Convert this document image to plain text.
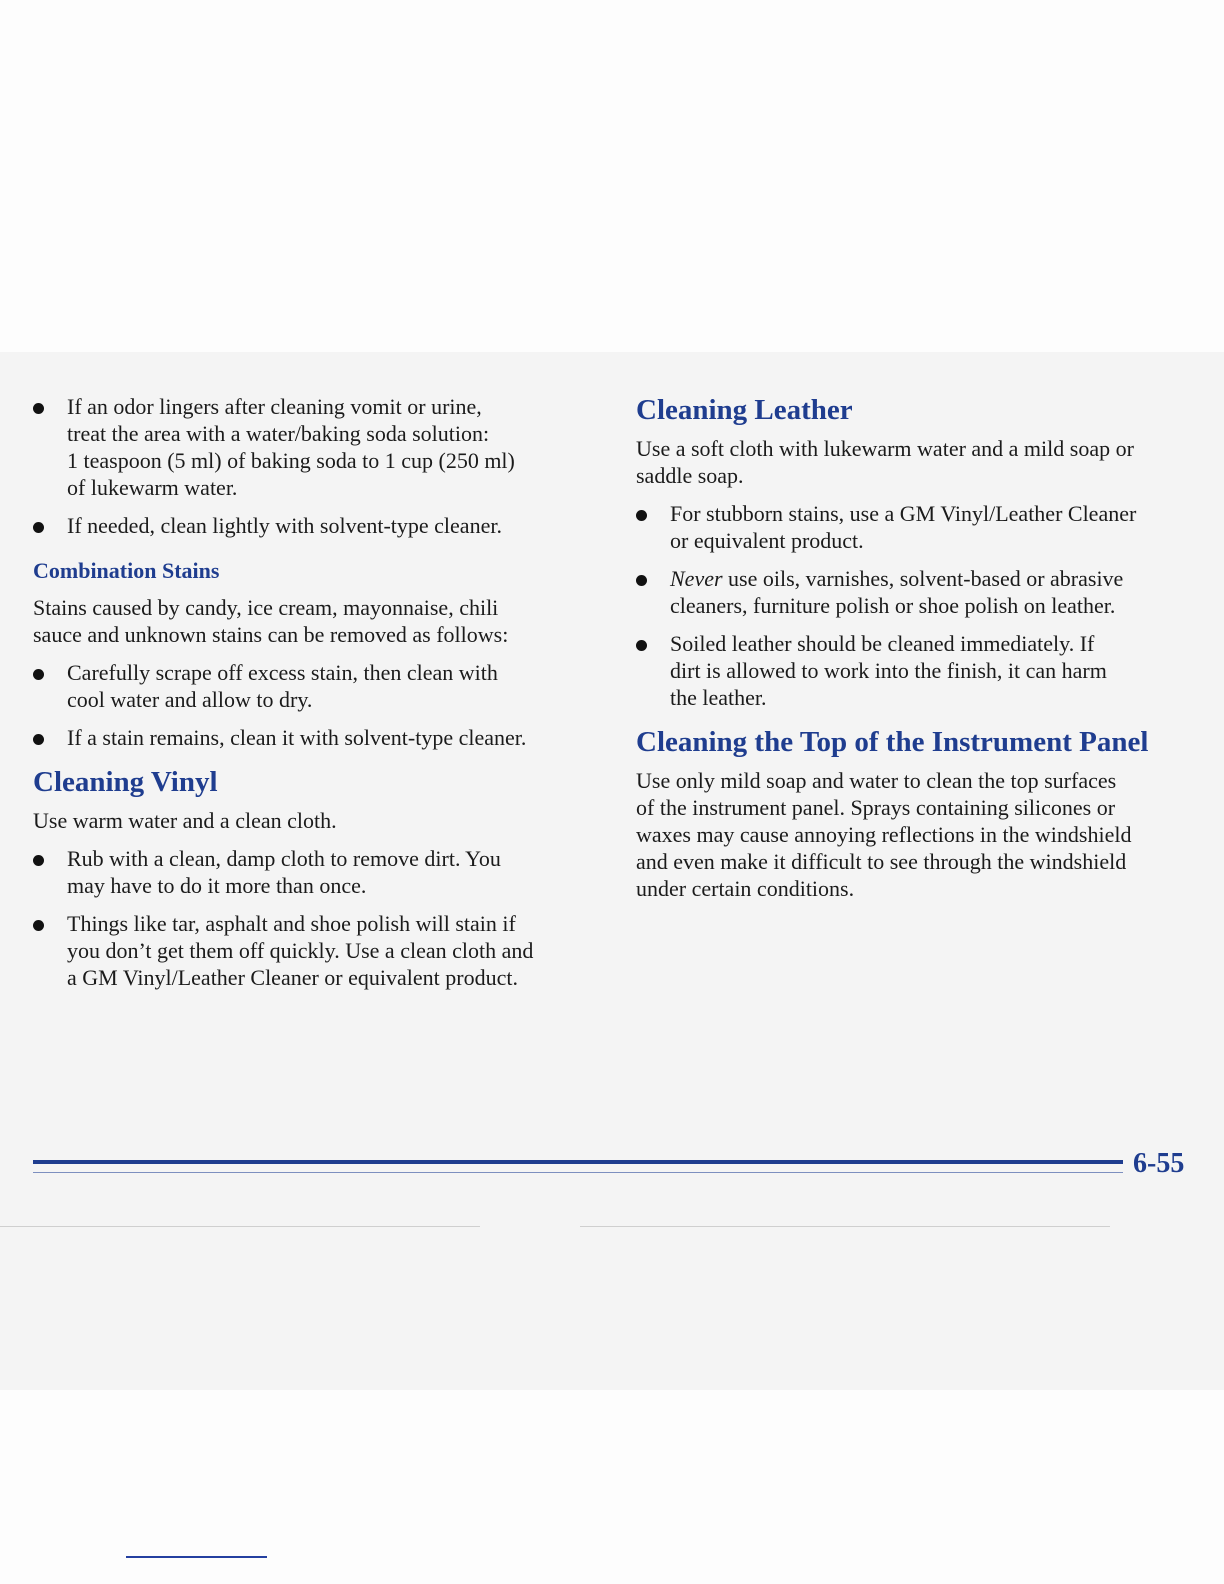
If an odor lingers after cleaning vomit or urine,
treat the area with a water/baking soda solution:
1 teaspoon (5 ml) of baking soda to 1 cup (250 ml)
of lukewarm water.
If needed, clean lightly with solvent-type cleaner.
Combination Stains
Stains caused by candy, ice cream, mayonnaise, chili
sauce and unknown stains can be removed as follows:
Carefully scrape off excess stain, then clean with
cool water and allow to dry.
If a stain remains, clean it with solvent-type cleaner.
Cleaning Vinyl
Use warm water and a clean cloth.
Rub with a clean, damp cloth to remove dirt. You
may have to do it more than once.
Things like tar, asphalt and shoe polish will stain if
you don’t get them off quickly. Use a clean cloth and
a GM Vinyl/Leather Cleaner or equivalent product.
Cleaning Leather
Use a soft cloth with lukewarm water and a mild soap or
saddle soap.
For stubborn stains, use a GM Vinyl/Leather Cleaner
or equivalent product.
Never use oils, varnishes, solvent-based or abrasive
cleaners, furniture polish or shoe polish on leather.
Soiled leather should be cleaned immediately. If
dirt is allowed to work into the finish, it can harm
the leather.
Cleaning the Top of the Instrument Panel
Use only mild soap and water to clean the top surfaces
of the instrument panel. Sprays containing silicones or
waxes may cause annoying reflections in the windshield
and even make it difficult to see through the windshield
under certain conditions.
6-55
